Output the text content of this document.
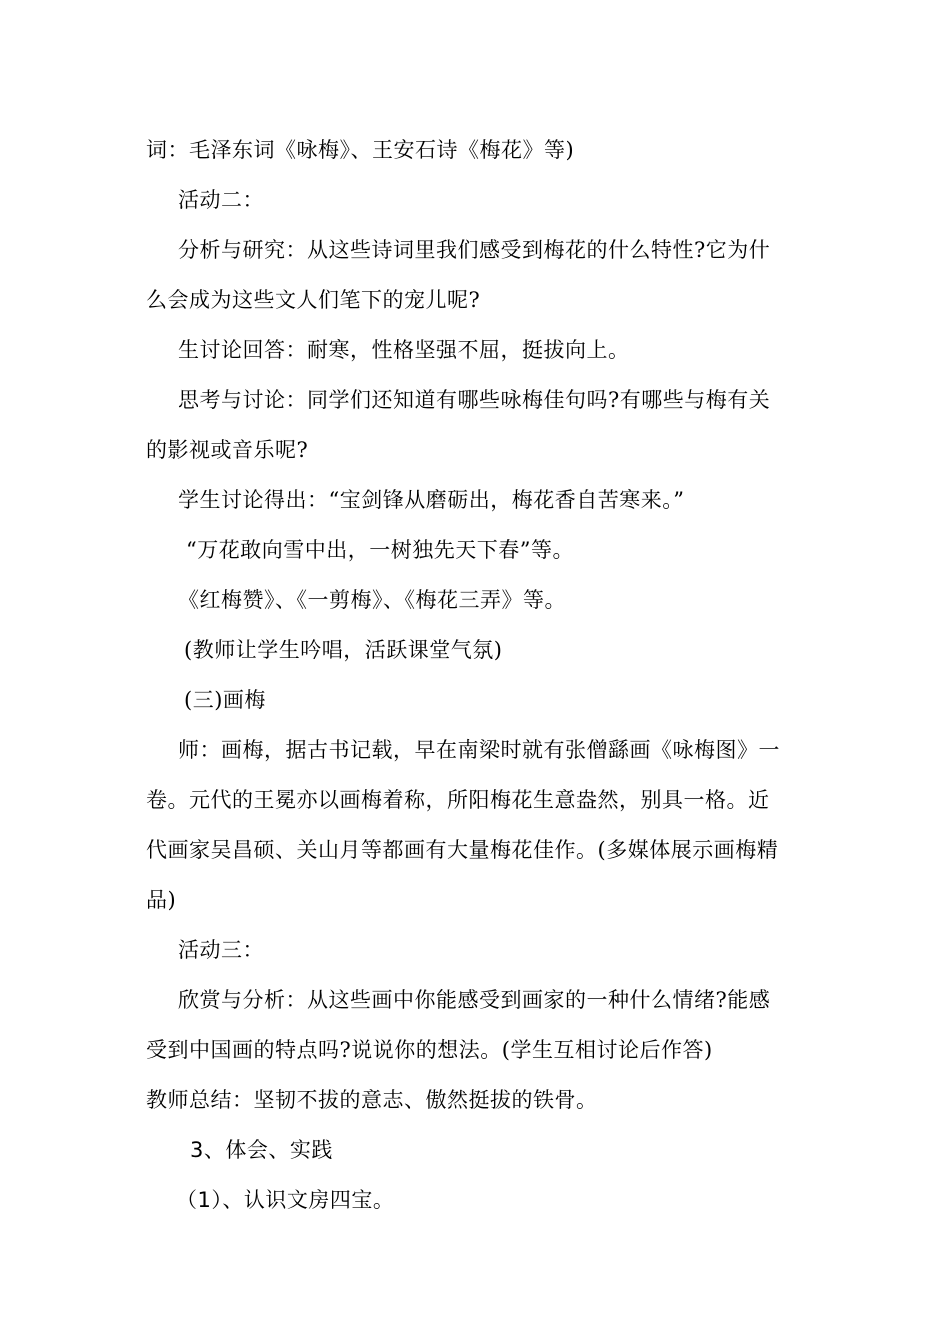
词：毛泽东词《咏梅》、王安石诗《梅花》等)
活动二：
分析与研究：从这些诗词里我们感受到梅花的什么特性?它为什
么会成为这些文人们笔下的宠儿呢?
生讨论回答：耐寒，性格坚强不屈，挺拔向上。
思考与讨论：同学们还知道有哪些咏梅佳句吗?有哪些与梅有关
的影视或音乐呢?
学生讨论得出：“宝剑锋从磨砺出，梅花香自苦寒来。”
“万花敢向雪中出，一树独先天下春”等。
《红梅赞》、《一剪梅》、《梅花三弄》等。
(教师让学生吟唱，活跃课堂气氛)
(三)画梅
师：画梅，据古书记载，早在南梁时就有张僧繇画《咏梅图》一
卷。元代的王冕亦以画梅着称，所阳梅花生意盎然，别具一格。近
代画家吴昌硕、关山月等都画有大量梅花佳作。(多媒体展示画梅精
品)
活动三：
欣赏与分析：从这些画中你能感受到画家的一种什么情绪?能感
受到中国画的特点吗?说说你的想法。(学生互相讨论后作答)
教师总结：坚韧不拔的意志、傲然挺拔的铁骨。
3、体会、实践
（1）、认识文房四宝。
